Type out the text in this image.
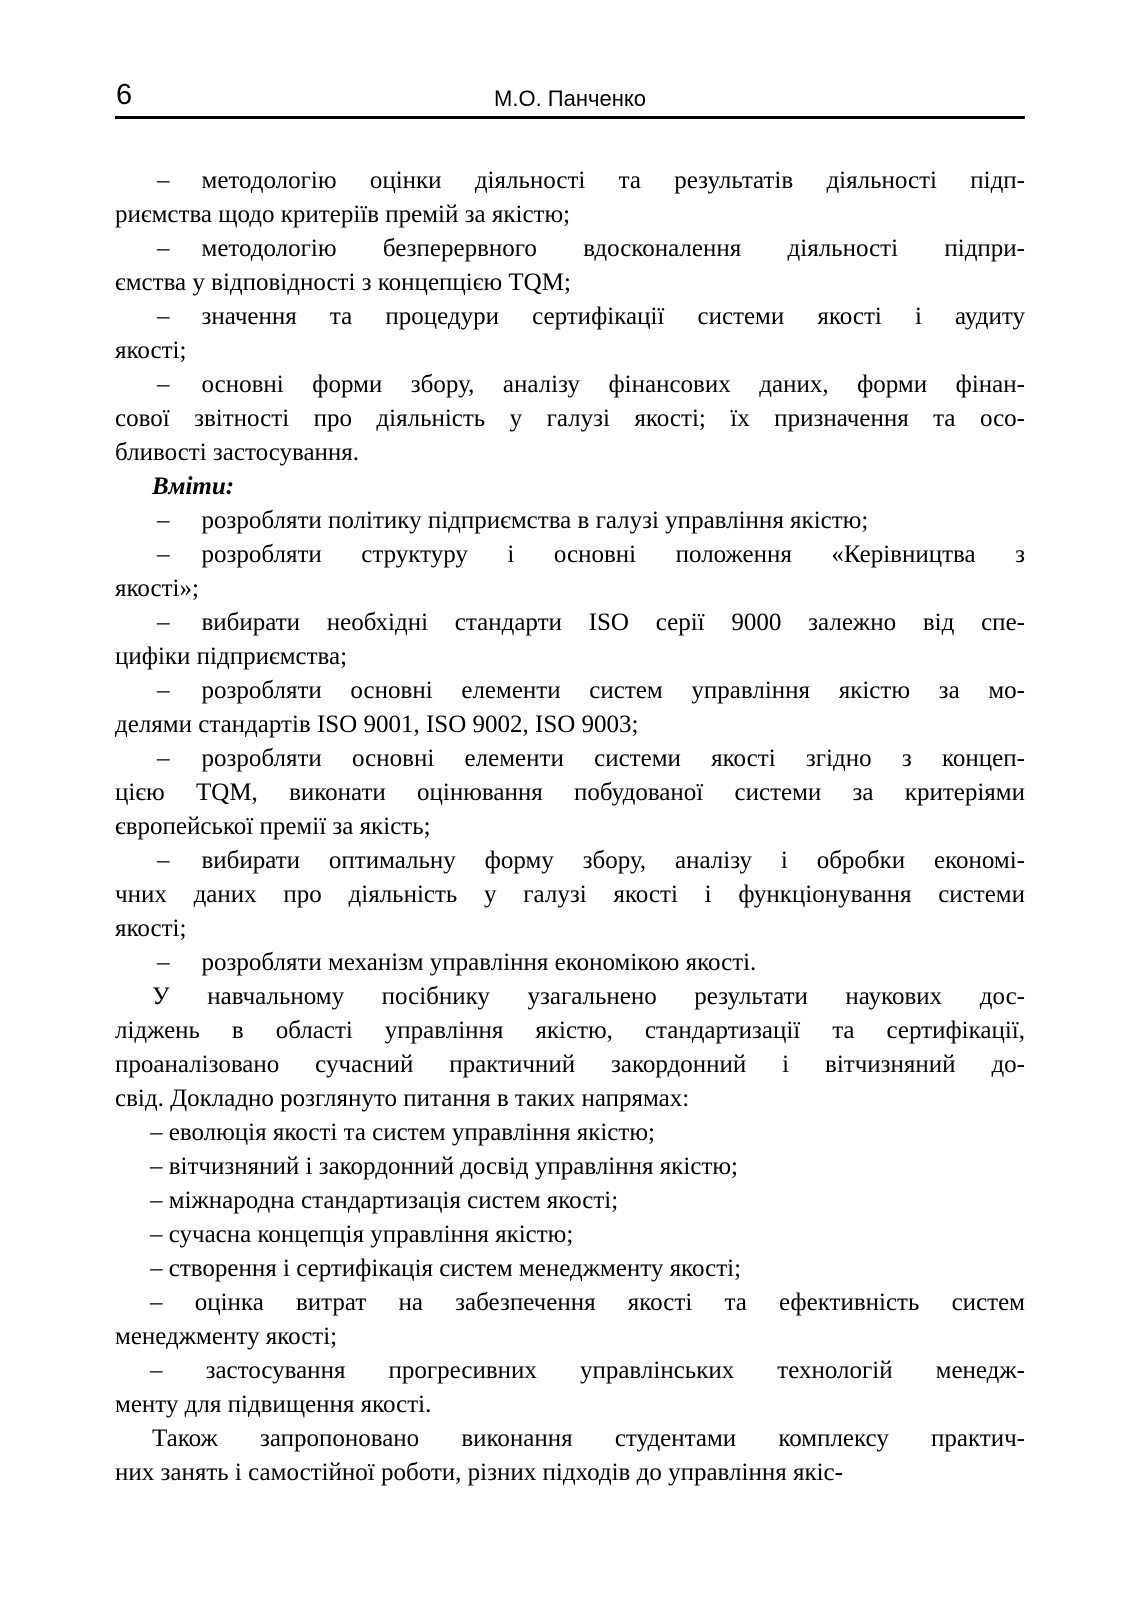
6	М.О. Панченко
– методологію оцінки діяльності та результатів діяльності підп-
риємства щодо критеріїв премій за якістю;
– методологію безперервного вдосконалення діяльності підпри-
ємства у відповідності з концепцією TQM;
– значення та процедури сертифікації системи якості і аудиту
якості;
– основні форми збору, аналізу фінансових даних, форми фінан-
сової звітності про діяльність у галузі якості; їх призначення та осо-
бливості застосування.
Вміти:
– розробляти політику підприємства в галузі управління якістю;
– розробляти структуру і основні положення «Керівництва з
якості»;
– вибирати необхідні стандарти ISO серії 9000 залежно від спе-
цифіки підприємства;
– розробляти основні елементи систем управління якістю за мо-
делями стандартів ISO 9001, ISO 9002, ISO 9003;
– розробляти основні елементи системи якості згідно з концеп-
цією TQM, виконати оцінювання побудованої системи за критеріями
європейської премії за якість;
– вибирати оптимальну форму збору, аналізу і обробки економі-
чних даних про діяльність у галузі якості і функціонування системи
якості;
– розробляти механізм управління економікою якості.
У навчальному посібнику узагальнено результати наукових дос-
ліджень в області управління якістю, стандартизації та сертифікації,
проаналізовано сучасний практичний закордонний і вітчизняний до-
свід. Докладно розглянуто питання в таких напрямах:
– еволюція якості та систем управління якістю;
– вітчизняний і закордонний досвід управління якістю;
– міжнародна стандартизація систем якості;
– сучасна концепція управління якістю;
– створення і сертифікація систем менеджменту якості;
– оцінка витрат на забезпечення якості та ефективність систем
менеджменту якості;
– застосування прогресивних управлінських технологій менедж-
менту для підвищення якості.
Також запропоновано виконання студентами комплексу практич-
них занять і самостійної роботи, різних підходів до управління якіс-
